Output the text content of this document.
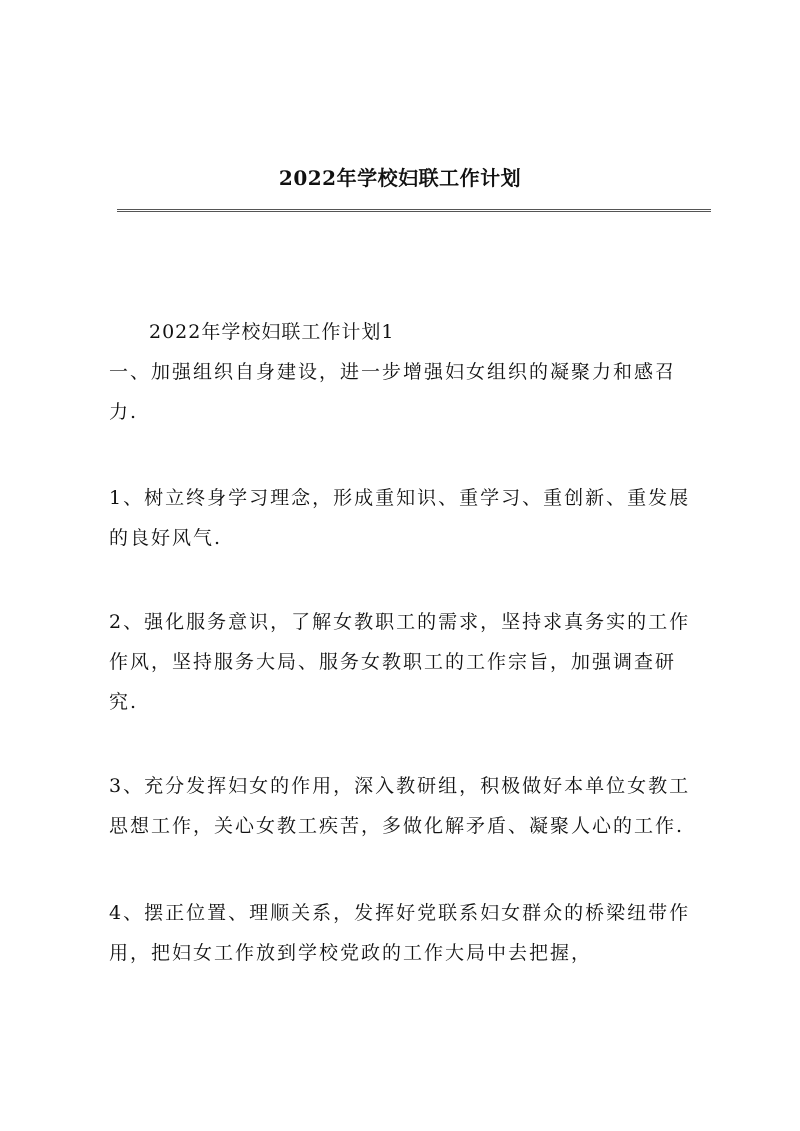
2022年学校妇联工作计划

2022年学校妇联工作计划1

一、加强组织自身建设，进一步增强妇女组织的凝聚力和感召力.

1、树立终身学习理念，形成重知识、重学习、重创新、重发展的良好风气.

2、强化服务意识，了解女教职工的需求，坚持求真务实的工作作风，坚持服务大局、服务女教职工的工作宗旨，加强调查研究.

3、充分发挥妇女的作用，深入教研组，积极做好本单位女教工思想工作，关心女教工疾苦，多做化解矛盾、凝聚人心的工作.

4、摆正位置、理顺关系，发挥好党联系妇女群众的桥梁纽带作用，把妇女工作放到学校党政的工作大局中去把握，
